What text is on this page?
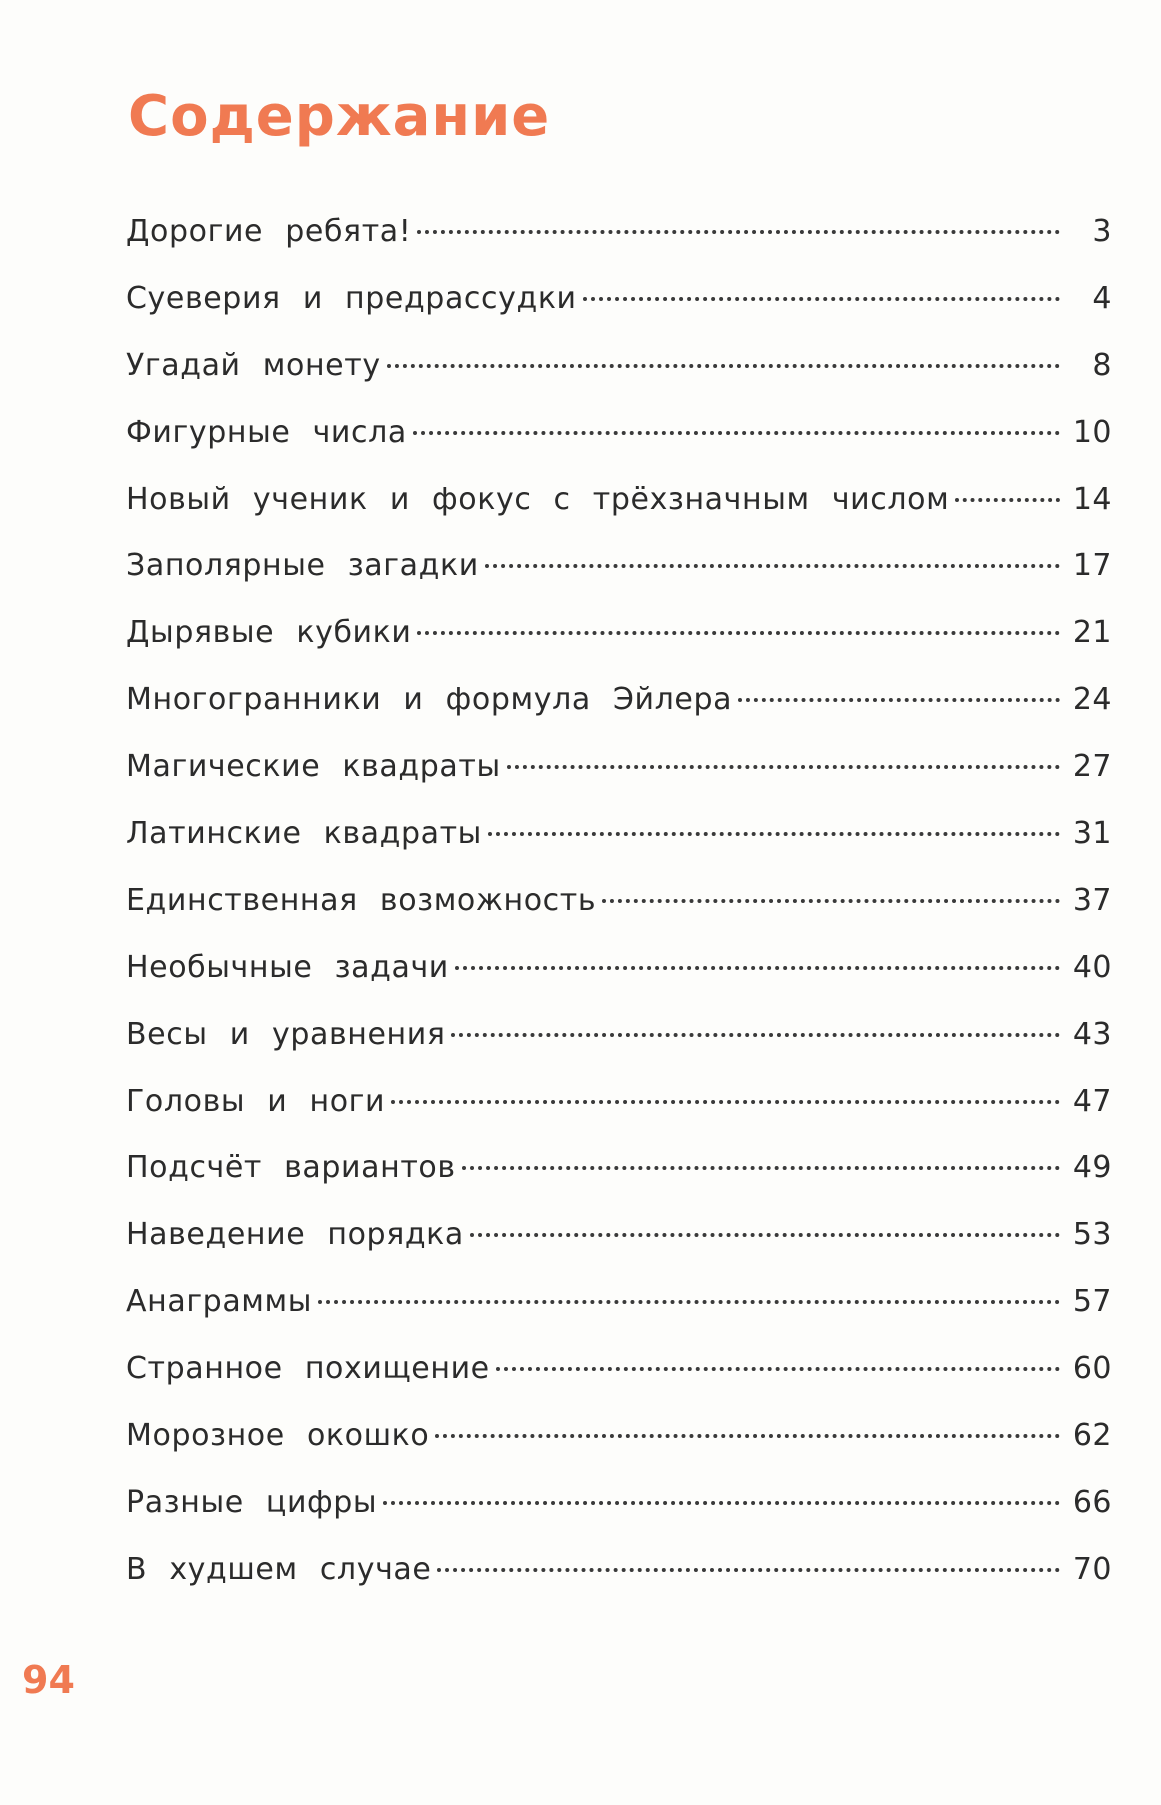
Содержание
Дорогие ребята!	3
Суеверия и предрассудки	4
Угадай монету	8
Фигурные числа	10
Новый ученик и фокус с трёхзначным числом	14
Заполярные загадки	17
Дырявые кубики	21
Многогранники и формула Эйлера	24
Магические квадраты	27
Латинские квадраты	31
Единственная возможность	37
Необычные задачи	40
Весы и уравнения	43
Головы и ноги	47
Подсчёт вариантов	49
Наведение порядка	53
Анаграммы	57
Странное похищение	60
Морозное окошко	62
Разные цифры	66
В худшем случае	70
94
